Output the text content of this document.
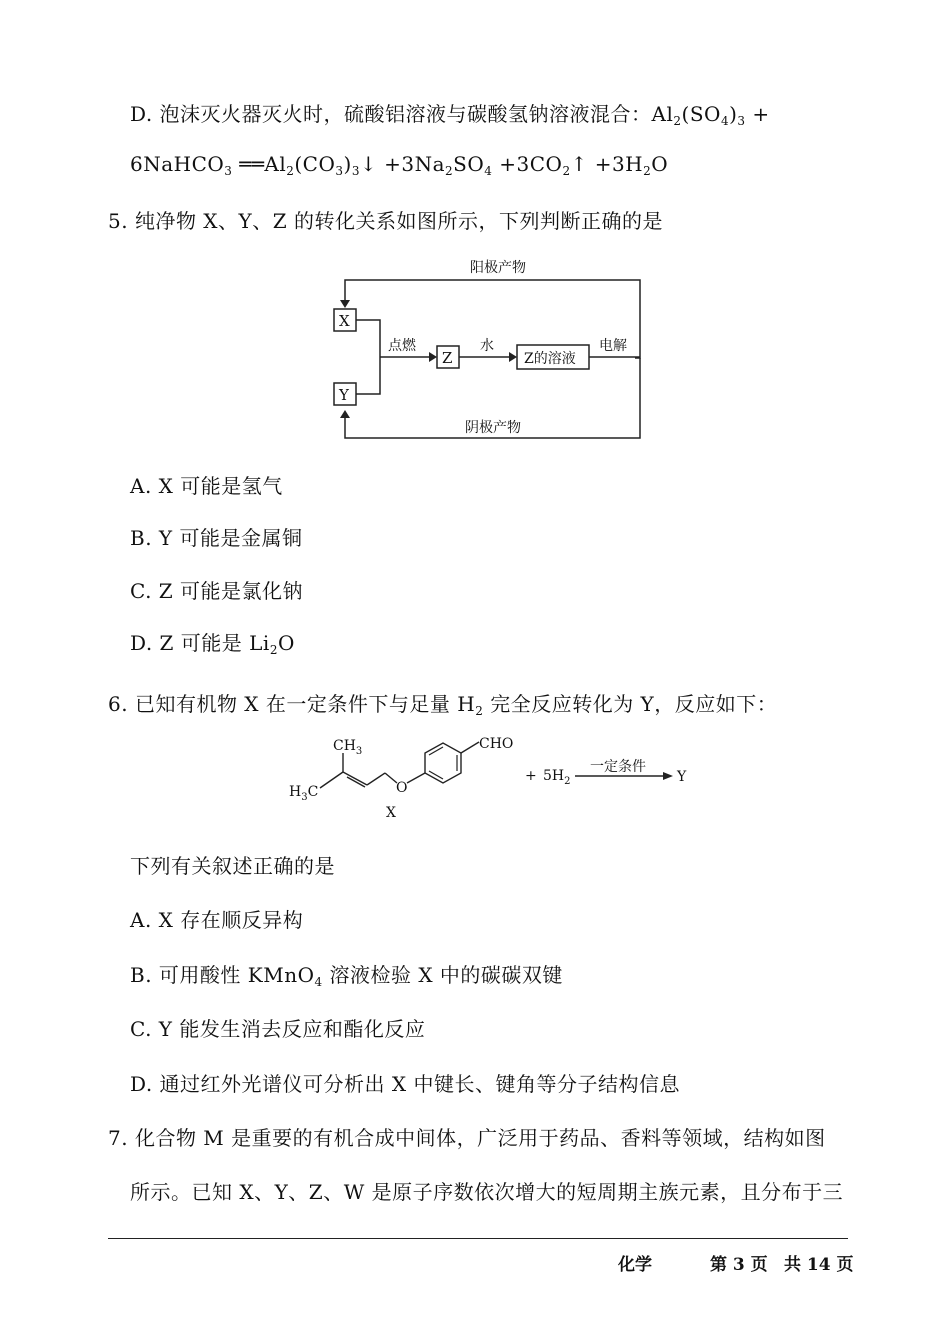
D. 泡沫灭火器灭火时，硫酸铝溶液与碳酸氢钠溶液混合：$Al_2(SO_4)_3$ +
6NaHCO$_3$ $══Al_2(CO_3)_3↓ +3Na_2SO_4$ $+3CO_2↑ +3H_2O$
5. 纯净物 X、Y、Z 的转化关系如图所示，下列判断正确的是
阳极产物
阴极产物
X
Y
点燃
Z
水
Z的溶液
电解
A. X 可能是氢气
B. Y 可能是金属铜
C. Z 可能是氯化钠
D. Z 可能是 $Li_2O$
6. 已知有机物 X 在一定条件下与足量 $H_2$ 完全反应转化为 Y，反应如下：
$CH_3$
$H_3C$	O
CHO
X
+ $5H_2$
一定条件
Y
下列有关叙述正确的是
A. X 存在顺反异构
B. 可用酸性 KMnO$_4$ 溶液检验 X 中的碳碳双键
C. Y 能发生消去反应和酯化反应
D. 通过红外光谱仪可分析出 X 中键长、键角等分子结构信息
7. 化合物 M 是重要的有机合成中间体，广泛用于药品、香料等领域，结构如图
所示。已知 X、Y、Z、W 是原子序数依次增大的短周期主族元素，且分布于三
化学	第 3 页 共 14 页
